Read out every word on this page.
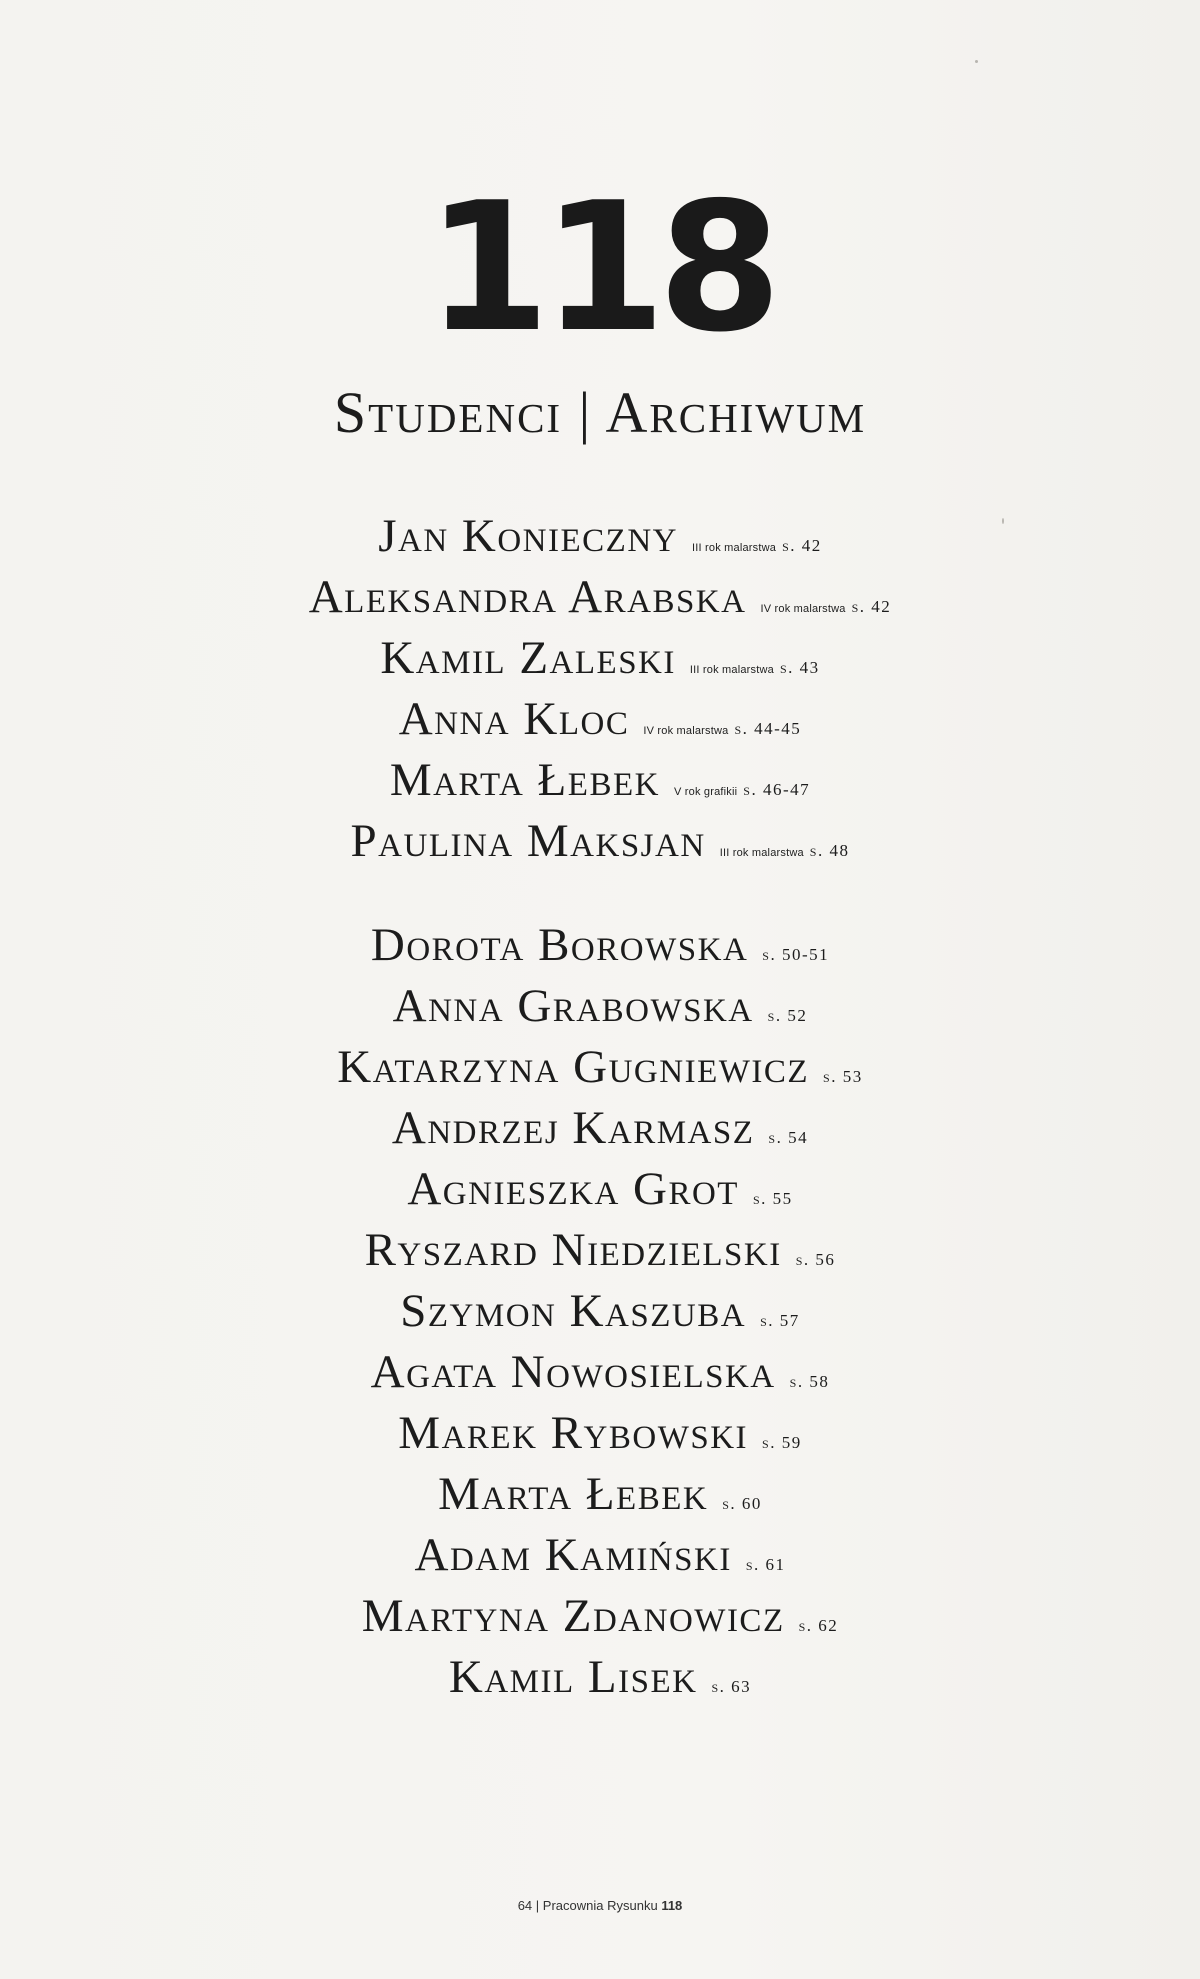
118
Studenci | Archiwum
Jan Konieczny III rok malarstwa s. 42
Aleksandra Arabska IV rok malarstwa s. 42
Kamil Zaleski III rok malarstwa s. 43
Anna Kloc IV rok malarstwa s. 44-45
Marta Łebek V rok grafikii s. 46-47
Paulina Maksjan III rok malarstwa s. 48
Dorota Borowska s. 50-51
Anna Grabowska s. 52
Katarzyna Gugniewicz s. 53
Andrzej Karmasz s. 54
Agnieszka Grot s. 55
Ryszard Niedzielski s. 56
Szymon Kaszuba s. 57
Agata Nowosielska s. 58
Marek Rybowski s. 59
Marta Łebek s. 60
Adam Kamiński s. 61
Martyna Zdanowicz s. 62
Kamil Lisek s. 63
64 | Pracownia Rysunku 118
